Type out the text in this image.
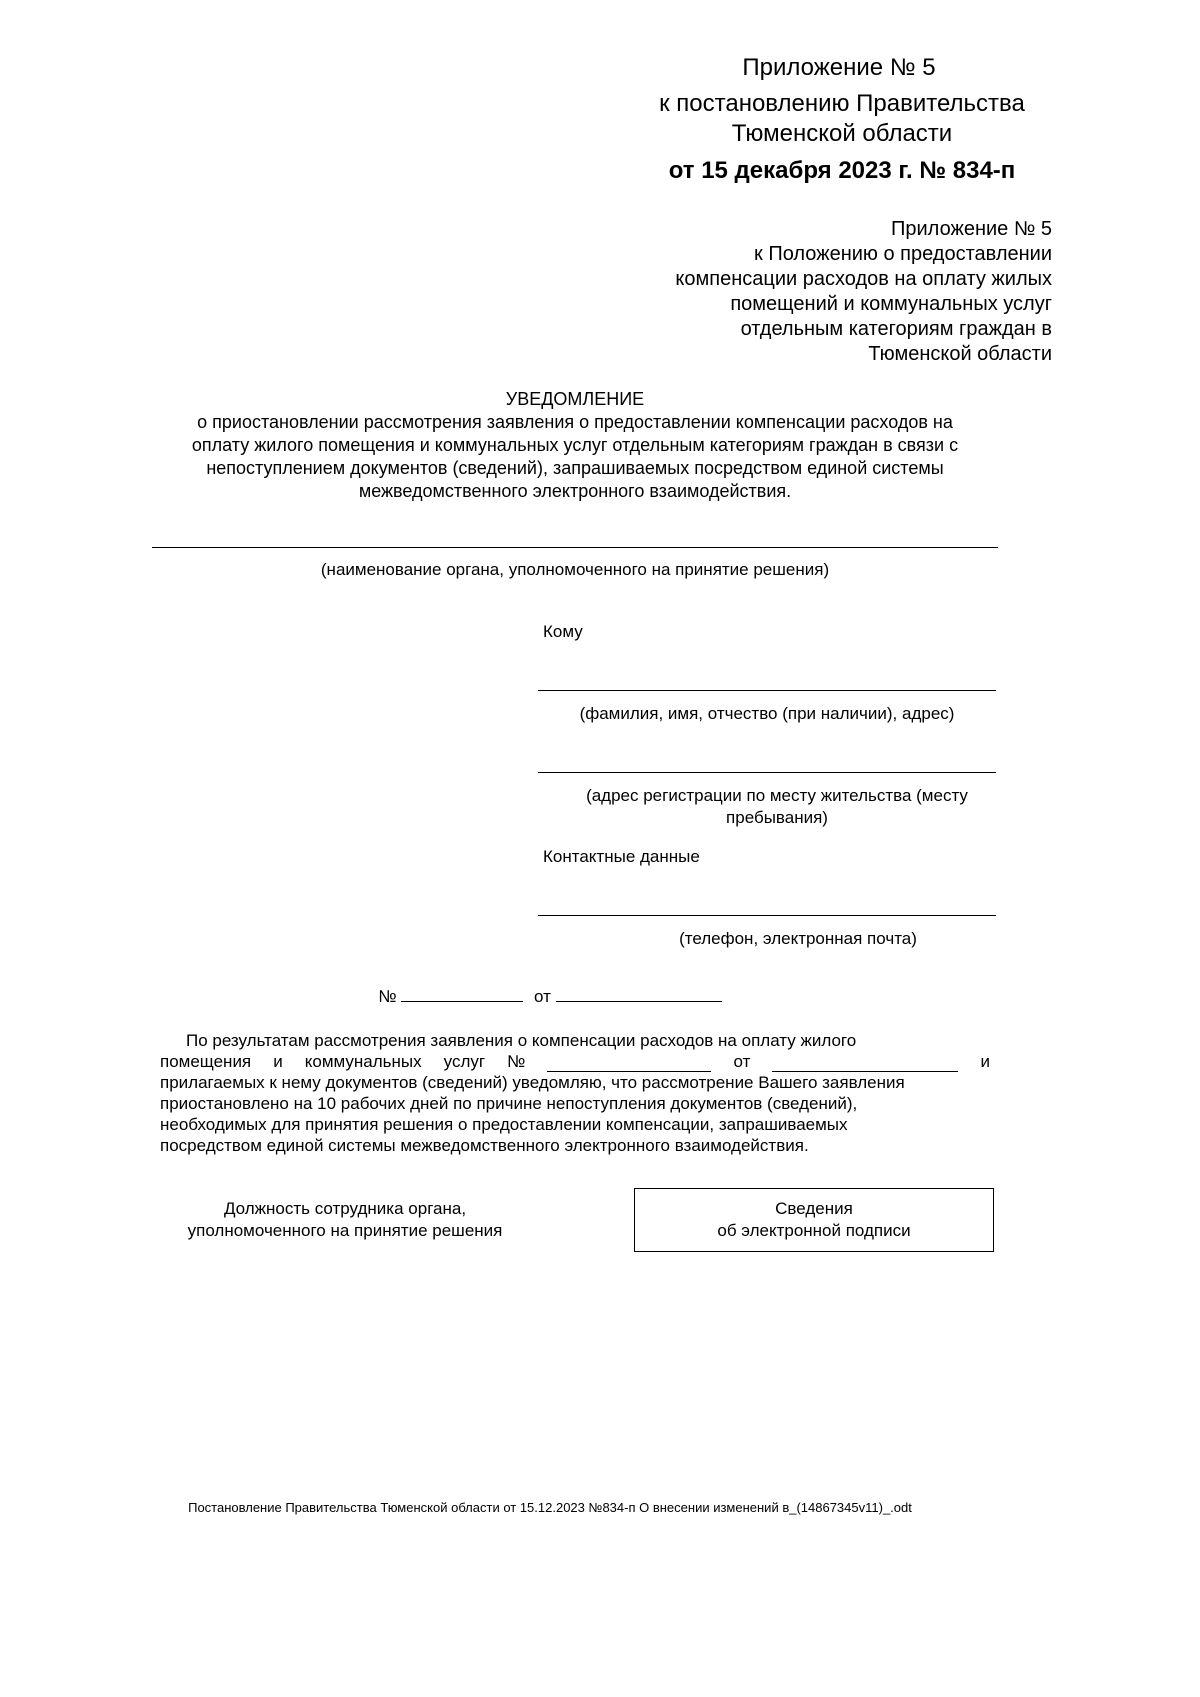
Приложение № 5
к постановлению Правительства
Тюменской области
от 15 декабря 2023 г. № 834-п
Приложение № 5
к Положению о предоставлении
компенсации расходов на оплату жилых
помещений и коммунальных услуг
отдельным категориям граждан в
Тюменской области
УВЕДОМЛЕНИЕ
о приостановлении рассмотрения заявления о предоставлении компенсации расходов на
оплату жилого помещения и коммунальных услуг отдельным категориям граждан в связи с
непоступлением документов (сведений), запрашиваемых посредством единой системы
межведомственного электронного взаимодействия.
(наименование органа, уполномоченного на принятие решения)
Кому
(фамилия, имя, отчество (при наличии), адрес)
(адрес регистрации по месту жительства (месту
пребывания)
Контактные данные
(телефон, электронная почта)
№	от
По результатам рассмотрения заявления о компенсации расходов на оплату жилого
помещения и коммунальных услуг №	от	и
прилагаемых к нему документов (сведений) уведомляю, что рассмотрение Вашего заявления
приостановлено на 10 рабочих дней по причине непоступления документов (сведений),
необходимых для принятия решения о предоставлении компенсации, запрашиваемых
посредством единой системы межведомственного электронного взаимодействия.
Должность сотрудника органа,
уполномоченного на принятие решения
Сведения
об электронной подписи
Постановление Правительства Тюменской области от 15.12.2023 №834-п О внесении изменений в_(14867345v11)_.odt
